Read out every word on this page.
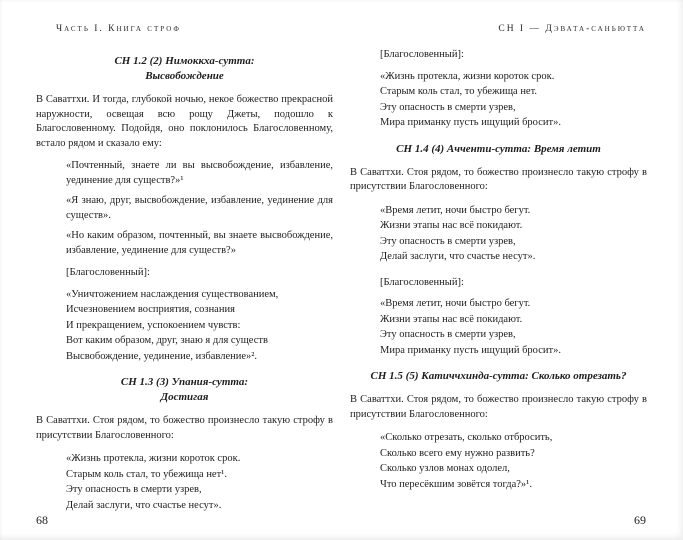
Часть I. Книга строф
СН 1.2 (2) Нимоккха-сутта:
Высвобождение
В Саваттхи. И тогда, глубокой ночью, некое божество прекрасной наружности, освещая всю рощу Джеты, подошло к Благословенному. Подойдя, оно поклонилось Благословенному, встало рядом и сказало ему:
«Почтенный, знаете ли вы высвобождение, избавление, уединение для существ?»¹
«Я знаю, друг, высвобождение, избавление, уединение для существ».
«Но каким образом, почтенный, вы знаете высвобождение, избавление, уединение для существ?»
[Благословенный]:
«Уничтожением наслаждения существованием,
Исчезновением восприятия, сознания
И прекращением, успокоением чувств:
Вот каким образом, друг, знаю я для существ
Высвобождение, уединение, избавление»².
СН 1.3 (3) Упания-сутта:
Достигая
В Саваттхи. Стоя рядом, то божество произнесло такую строфу в присутствии Благословенного:
«Жизнь протекла, жизни короток срок.
Старым коль стал, то убежища нет¹.
Эту опасность в смерти узрев,
Делай заслуги, что счастье несут».
68
СН I — Дэвата-саньютта
[Благословенный]:
«Жизнь протекла, жизни короток срок.
Старым коль стал, то убежища нет.
Эту опасность в смерти узрев,
Мира приманку пусть ищущий бросит».
СН 1.4 (4) Аччeнти-сутта: Время летит
В Саваттхи. Стоя рядом, то божество произнесло такую строфу в присутствии Благословенного:
«Время летит, ночи быстро бегут.
Жизни этапы нас всё покидают.
Эту опасность в смерти узрев,
Делай заслуги, что счастье несут».
[Благословенный]:
«Время летит, ночи быстро бегут.
Жизни этапы нас всё покидают.
Эту опасность в смерти узрев,
Мира приманку пусть ищущий бросит».
СН 1.5 (5) Катиччхинда-сутта: Сколько отрезать?
В Саваттхи. Стоя рядом, то божество произнесло такую строфу в присутствии Благословенного:
«Сколько отрезать, сколько отбросить,
Сколько всего ему нужно развить?
Сколько узлов монах одолел,
Что пересёкшим зовётся тогда?»¹.
69
